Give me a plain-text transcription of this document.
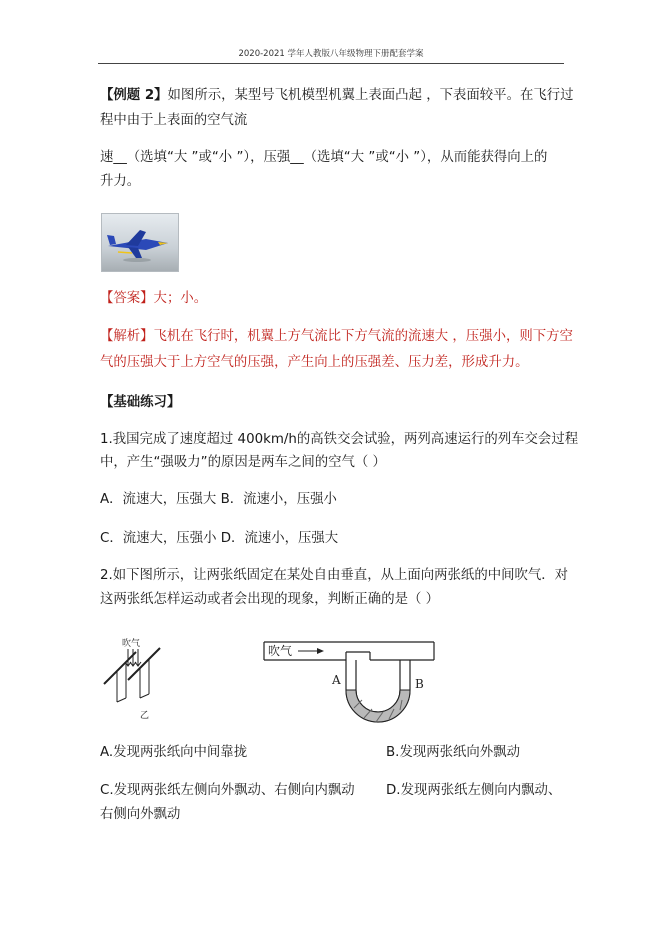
2020-2021 学年人教版八年级物理下册配套学案
【例题 2】如图所示，某型号飞机模型机翼上表面凸起 ，下表面较平。在飞行过
程中由于上表面的空气流
速__（选填“大 ”或“小 ”），压强__（选填“大 ”或“小 ”），从而能获得向上的
升力。
【答案】大；小。
【解析】飞机在飞行时，机翼上方气流比下方气流的流速大 ，压强小，则下方空
气的压强大于上方空气的压强，产生向上的压强差、压力差，形成升力。
【基础练习】
1.我国完成了速度超过 400km/h的高铁交会试验，两列高速运行的列车交会过程
中，产生“强吸力”的原因是两车之间的空气（ ）
A．流速大，压强大 B．流速小，压强小
C．流速大，压强小 D．流速小，压强大
2.如下图所示，让两张纸固定在某处自由垂直，从上面向两张纸的中间吹气．对
这两张纸怎样运动或者会出现的现象，判断正确的是（ ）
吹气
乙
吹气
A	B
A.发现两张纸向中间靠拢	B.发现两张纸向外飘动
C.发现两张纸左侧向外飘动、右侧向内飘动 D.发现两张纸左侧向内飘动、
右侧向外飘动
